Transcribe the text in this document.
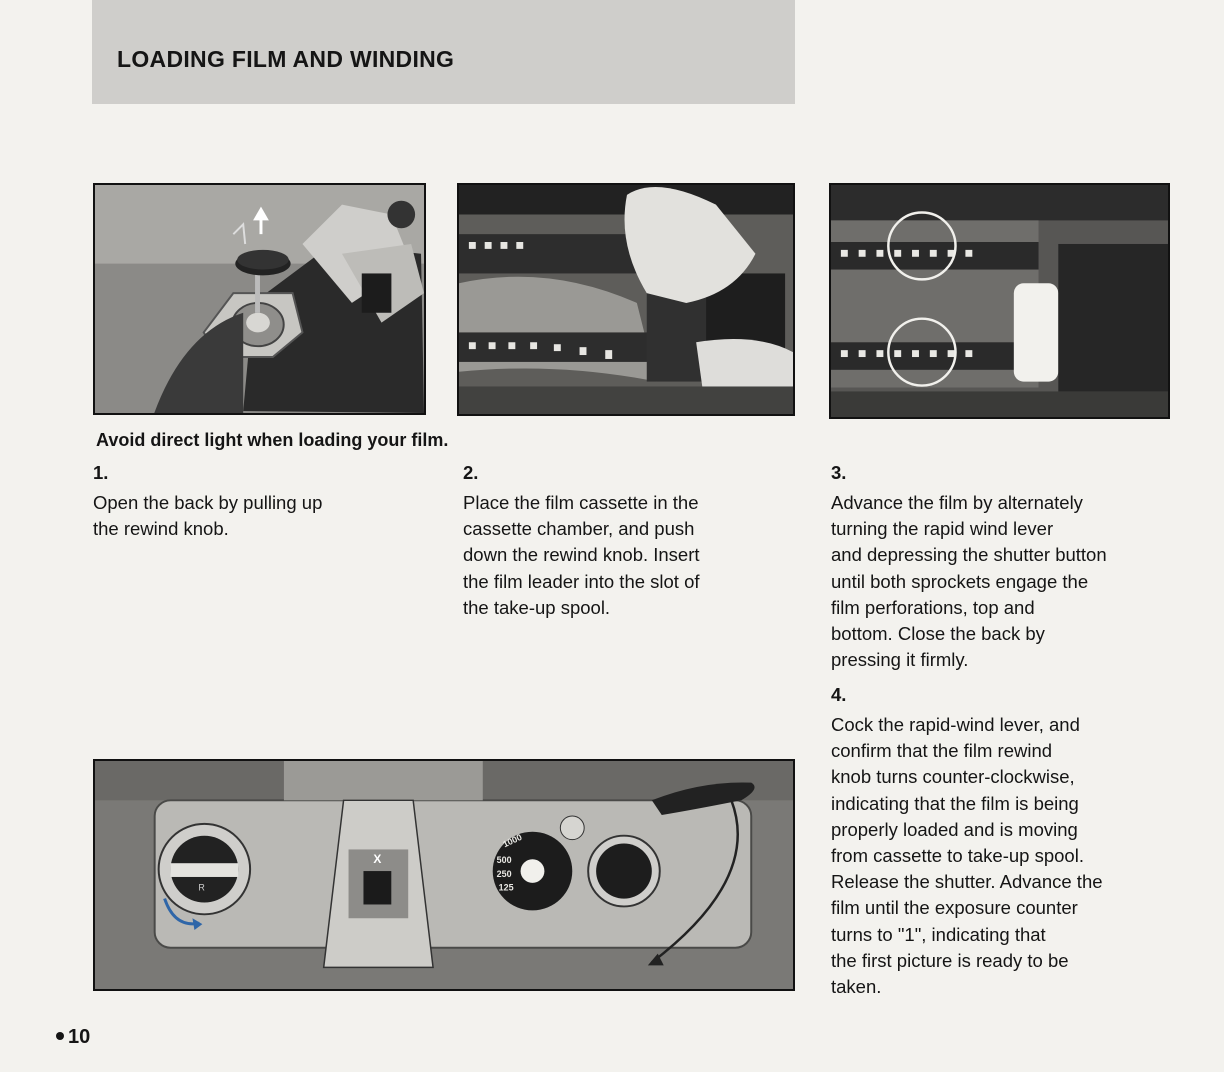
LOADING FILM AND WINDING
R
X
1000
500
250
125

Avoid direct light when loading your film.

1.
Open the back by pulling up
the rewind knob.
2.
Place the film cassette in the
cassette chamber, and push
down the rewind knob. Insert
the film leader into the slot of
the take-up spool.
3.
Advance the film by alternately
turning the rapid wind lever
and depressing the shutter button
until both sprockets engage the
film perforations, top and
bottom. Close the back by
pressing it firmly.
4.
Cock the rapid-wind lever, and
confirm that the film rewind
knob turns counter-clockwise,
indicating that the film is being
properly loaded and is moving
from cassette to take-up spool.
Release the shutter. Advance the
film until the exposure counter
turns to "1", indicating that
the first picture is ready to be
taken.
10
